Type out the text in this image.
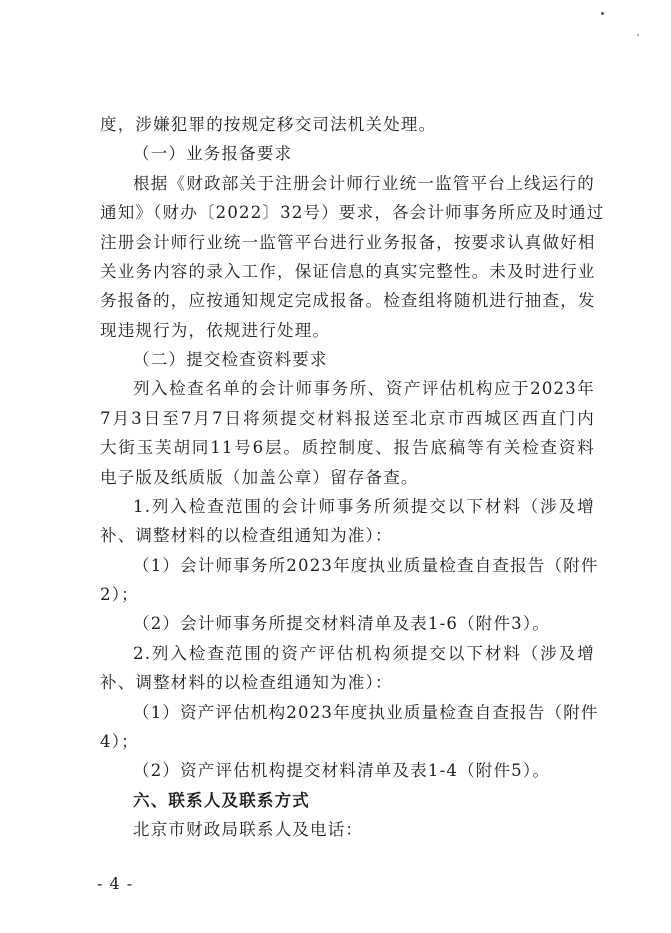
度，涉嫌犯罪的按规定移交司法机关处理。
（一）业务报备要求
根据《财政部关于注册会计师行业统一监管平台上线运行的
通知》（财办〔2022〕32号）要求，各会计师事务所应及时通过
注册会计师行业统一监管平台进行业务报备，按要求认真做好相
关业务内容的录入工作，保证信息的真实完整性。未及时进行业
务报备的，应按通知规定完成报备。检查组将随机进行抽查，发
现违规行为，依规进行处理。
（二）提交检查资料要求
列入检查名单的会计师事务所、资产评估机构应于2023年
7月3日至7月7日将须提交材料报送至北京市西城区西直门内
大街玉芙胡同11号6层。质控制度、报告底稿等有关检查资料
电子版及纸质版（加盖公章）留存备查。
1.列入检查范围的会计师事务所须提交以下材料（涉及增
补、调整材料的以检查组通知为准）：
（1）会计师事务所2023年度执业质量检查自查报告（附件
2）；
（2）会计师事务所提交材料清单及表1-6（附件3）。
2.列入检查范围的资产评估机构须提交以下材料（涉及增
补、调整材料的以检查组通知为准）：
（1）资产评估机构2023年度执业质量检查自查报告（附件
4）；
（2）资产评估机构提交材料清单及表1-4（附件5）。
六、联系人及联系方式
北京市财政局联系人及电话：
- 4 -
